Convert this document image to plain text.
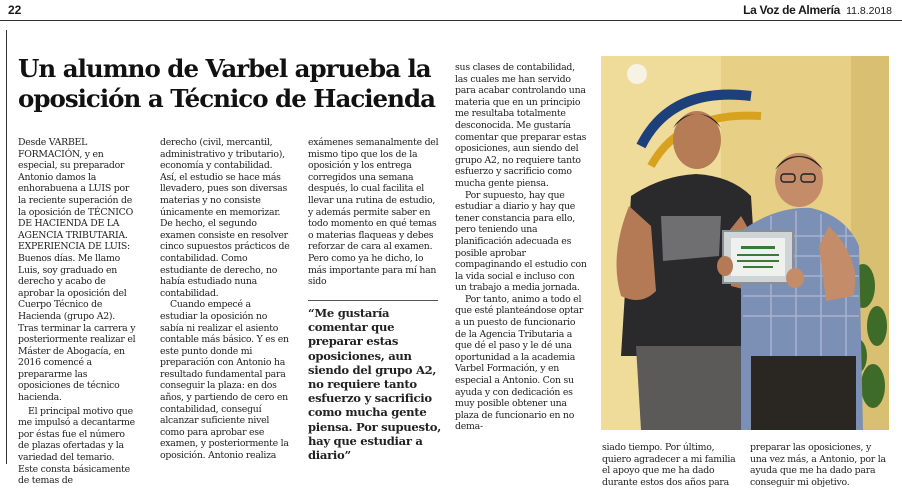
22	La Voz de Almería 11.8.2018
Un alumno de Varbel aprueba la oposición a Técnico de Hacienda

Desde VARBEL FORMACIÓN, y en especial, su preparador Antonio damos la enhorabuena a LUIS por la reciente superación de la oposición de TÉCNICO DE HACIENDA DE LA AGENCIA TRIBUTARIA. EXPERIENCIA DE LUIS: Buenos días. Me llamo Luis, soy graduado en derecho y acabo de aprobar la oposición del Cuerpo Técnico de Hacienda (grupo A2). Tras terminar la carrera y posteriormente realizar el Máster de Abogacía, en 2016 comencé a prepararme las oposiciones de técnico hacienda.

El principal motivo que me impulsó a decantarme por éstas fue el número de plazas ofertadas y la variedad del temario. Este consta básicamente de temas de

derecho (civil, mercantil, administrativo y tributario), economía y contabilidad. Así, el estudio se hace más llevadero, pues son diversas materias y no consiste únicamente en memorizar. De hecho, el segundo examen consiste en resolver cinco supuestos prácticos de contabilidad. Como estudiante de derecho, no había estudiado nuna contabilidad.

Cuando empecé a estudiar la oposición no sabía ni realizar el asiento contable más básico. Y es en este punto donde mi preparación con Antonio ha resultado fundamental para conseguir la plaza: en dos años, y partiendo de cero en contabilidad, conseguí alcanzar suficiente nivel como para aprobar ese examen, y posteriormente la oposición. Antonio realiza

exámenes semanalmente del mismo tipo que los de la oposición y los entrega corregidos una semana después, lo cual facilita el llevar una rutina de estudio, y además permite saber en todo momento en qué temas o materias flaqueas y debes reforzar de cara al examen. Pero como ya he dicho, lo más importante para mí han sido

“Me gustaría comentar que preparar estas oposiciones, aun siendo del grupo A2, no requiere tanto esfuerzo y sacrificio como mucha gente piensa. Por supuesto, hay que estudiar a diario”

sus clases de contabilidad, las cuales me han servido para acabar controlando una materia que en un principio me resultaba totalmente desconocida. Me gustaría comentar que preparar estas oposiciones, aun siendo del grupo A2, no requiere tanto esfuerzo y sacrificio como mucha gente piensa.

Por supuesto, hay que estudiar a diario y hay que tener constancia para ello, pero teniendo una planificación adecuada es posible aprobar compaginando el estudio con la vida social e incluso con un trabajo a media jornada.

Por tanto, animo a todo el que esté planteándose optar a un puesto de funcionario de la Agencia Tributaria a que dé el paso y le dé una oportunidad a la academia Varbel Formación, y en especial a Antonio. Con su ayuda y con dedicación es muy posible obtener una plaza de funcionario en no dema-

siado tiempo. Por último, quiero agradecer a mi familia el apoyo que me ha dado durante estos dos años para
preparar las oposiciones, y una vez más, a Antonio, por la ayuda que me ha dado para conseguir mi objetivo.
